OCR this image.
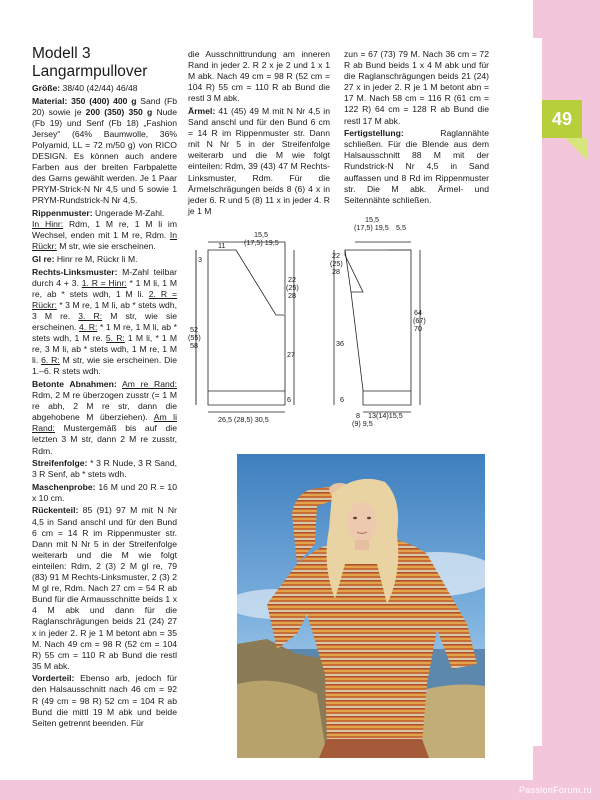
49
Modell 3
Langarmpullover

Größe: 38/40 (42/44) 46/48

Material: 350 (400) 400 g Sand (Fb 20) sowie je 200 (350) 350 g Nude (Fb 19) und Senf (Fb 18) „Fashion Jersey" (64% Baumwolle, 36% Polyamid, LL = 72 m/50 g) von RICO DESIGN. Es können auch andere Farben aus der breiten Farbpalette des Garns gewählt werden. Je 1 Paar PRYM-Strick-N Nr 4,5 und 5 sowie 1 PRYM-Rundstrick-N Nr 4,5.

Rippenmuster: Ungerade M-Zahl.
In Hinr: Rdm, 1 M re, 1 M li im Wechsel, enden mit 1 M re, Rdm. In Rückr: M str, wie sie erscheinen.

Gl re: Hinr re M, Rückr li M.

Rechts-Linksmuster: M-Zahl teilbar durch 4 + 3. 1. R = Hinr: * 1 M li, 1 M re, ab * stets wdh, 1 M li. 2. R = Rückr: * 3 M re, 1 M li, ab * stets wdh, 3 M re. 3. R: M str, wie sie erscheinen. 4. R: * 1 M re, 1 M li, ab * stets wdh, 1 M re. 5. R: 1 M li, * 1 M re, 3 M li, ab * stets wdh, 1 M re, 1 M li. 6. R: M str, wie sie erscheinen. Die 1.–6. R stets wdh.

Betonte Abnahmen: Am re Rand: Rdm, 2 M re überzogen zusstr (= 1 M re abh, 2 M re str, dann die abgehobene M überziehen). Am li Rand: Mustergemäß bis auf die letzten 3 M str, dann 2 M re zusstr, Rdm.

Streifenfolge: * 3 R Nude, 3 R Sand, 3 R Senf, ab * stets wdh.

Maschenprobe: 16 M und 20 R = 10 x 10 cm.

Rückenteil: 85 (91) 97 M mit N Nr 4,5 in Sand anschl und für den Bund 6 cm = 14 R im Rippenmuster str. Dann mit N Nr 5 in der Streifenfolge weiterarb und die M wie folgt einteilen: Rdm, 2 (3) 2 M gl re, 79 (83) 91 M Rechts-Linksmuster, 2 (3) 2 M gl re, Rdm. Nach 27 cm = 54 R ab Bund für die Armausschnitte beids 1 x 4 M abk und dann für die Raglanschrägungen beids 21 (24) 27 x in jeder 2. R je 1 M betont abn = 35 M. Nach 49 cm = 98 R (52 cm = 104 R) 55 cm = 110 R ab Bund die restl 35 M abk.

Vorderteil: Ebenso arb, jedoch für den Halsausschnitt nach 46 cm = 92 R (49 cm = 98 R) 52 cm = 104 R ab Bund die mittl 19 M abk und beide Seiten getrennt beenden. Für

die Ausschnittrundung am inneren Rand in jeder 2. R 2 x je 2 und 1 x 1 M abk. Nach 49 cm = 98 R (52 cm = 104 R) 55 cm = 110 R ab Bund die restl 3 M abk.

Ärmel: 41 (45) 49 M mit N Nr 4,5 in Sand anschl und für den Bund 6 cm = 14 R im Rippenmuster str. Dann mit N Nr 5 in der Streifenfolge weiterarb und die M wie folgt einteilen: Rdm, 39 (43) 47 M Rechts-Linksmuster, Rdm. Für die Ärmelschrägungen beids 8 (6) 4 x in jeder 6. R und 5 (8) 11 x in jeder 4. R je 1 M

zun = 67 (73) 79 M. Nach 36 cm = 72 R ab Bund beids 1 x 4 M abk und für die Raglanschrägungen beids 21 (24) 27 x in jeder 2. R je 1 M betont abn = 17 M. Nach 58 cm = 116 R (61 cm = 122 R) 64 cm = 128 R ab Bund die restl 17 M abk.

Fertigstellung: Raglannähte schließen. Für die Blende aus dem Halsausschnitt 88 M mit der Rundstrick-N Nr 4,5 in Sand auffassen und 8 Rd im Rippenmuster str. Die M abk. Ärmel- und Seitennähte schließen.

15,5
(17,5) 19,5
11
3
22
(25)
28
52
(55)
58
27
6
26,5 (28,5) 30,5
15,5
(17,5) 19,5 5,5
22
(25)
28
36
64
(67)
70
6
8
(9) 9,5
13(14)15,5
PassionForum.ru
